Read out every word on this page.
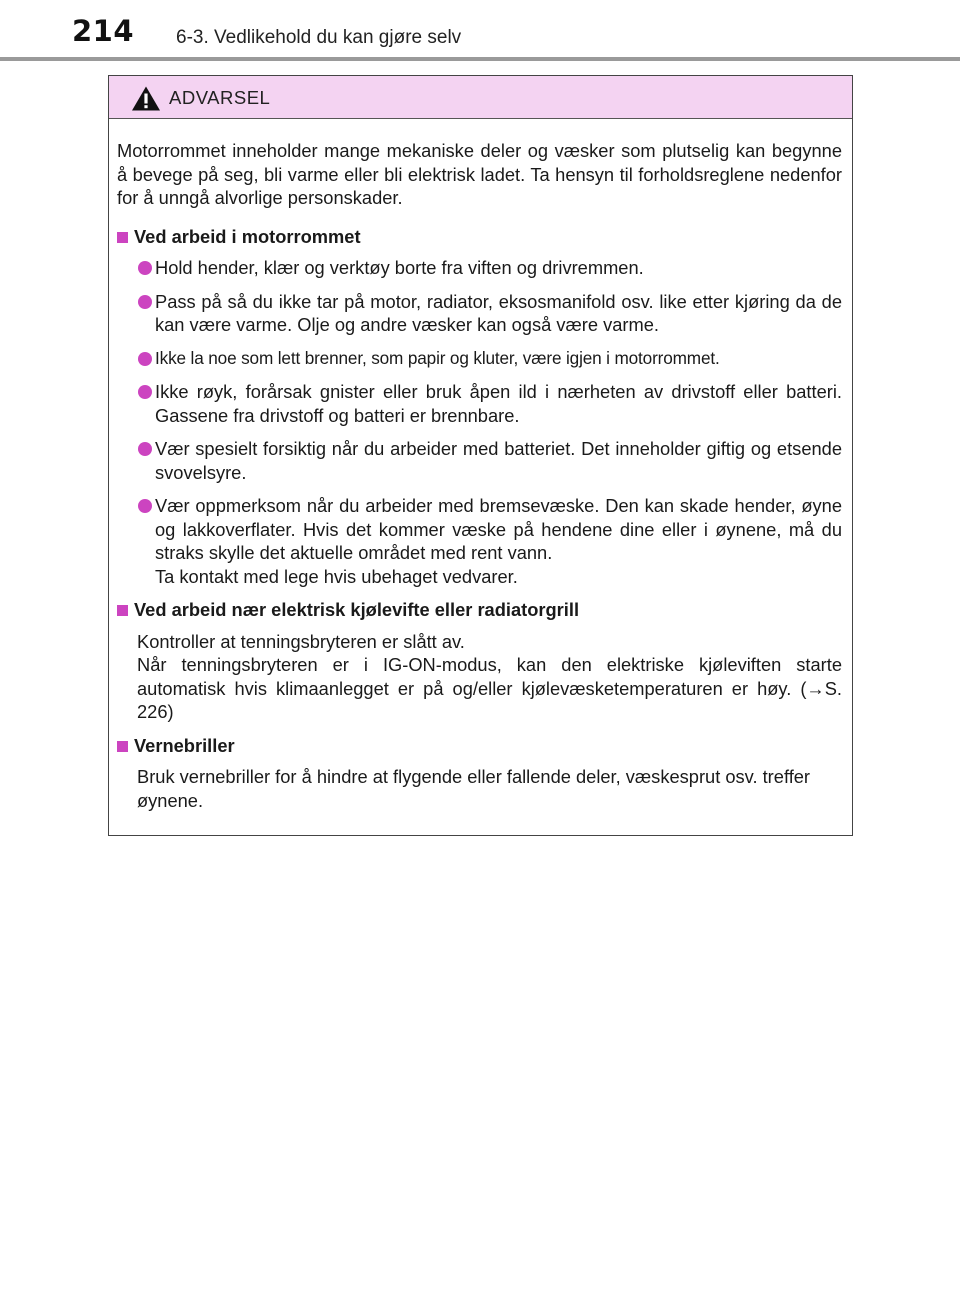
214 6-3. Vedlikehold du kan gjøre selv
ADVARSEL

Motorrommet inneholder mange mekaniske deler og væsker som plutselig kan begynne å bevege på seg, bli varme eller bli elektrisk ladet. Ta hensyn til forholdsreglene nedenfor for å unngå alvorlige personskader.

Ved arbeid i motorrommet
Hold hender, klær og verktøy borte fra viften og drivremmen.
Pass på så du ikke tar på motor, radiator, eksosmanifold osv. like etter kjøring da de kan være varme. Olje og andre væsker kan også være varme.
Ikke la noe som lett brenner, som papir og kluter, være igjen i motorrommet.
Ikke røyk, forårsak gnister eller bruk åpen ild i nærheten av drivstoff eller batteri. Gassene fra drivstoff og batteri er brennbare.
Vær spesielt forsiktig når du arbeider med batteriet. Det inneholder giftig og etsende svovelsyre.
Vær oppmerksom når du arbeider med bremsevæske. Den kan skade hender, øyne og lakkoverflater. Hvis det kommer væske på hendene dine eller i øynene, må du straks skylle det aktuelle området med rent vann.
Ta kontakt med lege hvis ubehaget vedvarer.
Ved arbeid nær elektrisk kjølevifte eller radiatorgrill
Kontroller at tenningsbryteren er slått av.
Når tenningsbryteren er i IG-ON-modus, kan den elektriske kjøleviften starte automatisk hvis klimaanlegget er på og/eller kjølevæsketemperaturen er høy. (→S. 226)
Vernebriller
Bruk vernebriller for å hindre at flygende eller fallende deler, væskesprut osv. treffer øynene.
